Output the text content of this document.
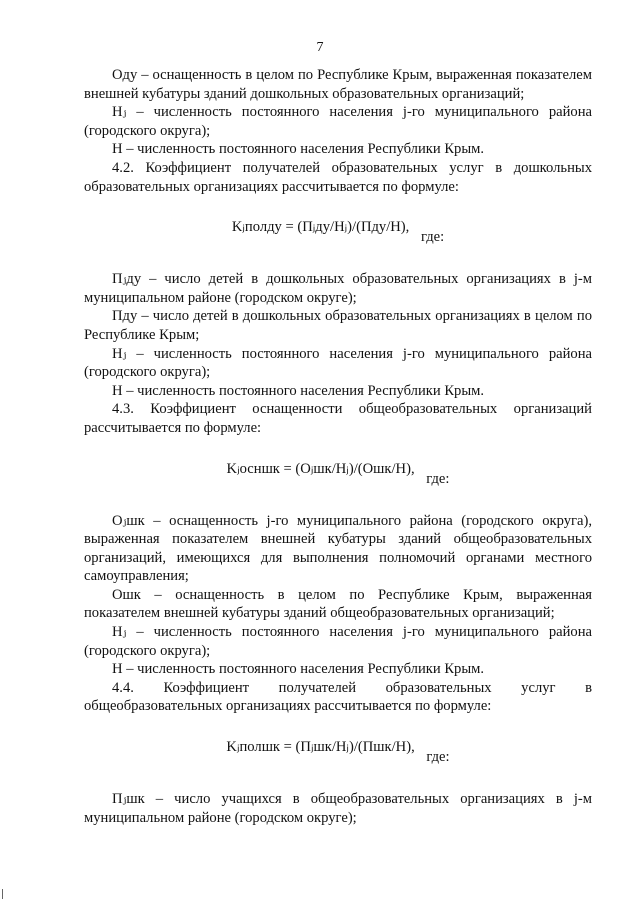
7

Oду – оснащенность в целом по Республике Крым, выраженная показателем внешней кубатуры зданий дошкольных образовательных организаций;

Hⱼ – численность постоянного населения j-го муниципального района (городского округа);

H – численность постоянного населения Республики Крым.

4.2. Коэффициент получателей образовательных услуг в дошкольных образовательных организациях рассчитывается по формуле:

Kⱼполду = (Пⱼду/Hⱼ)/(Пду/H), где:

Пⱼду – число детей в дошкольных образовательных организациях в j-м муниципальном районе (городском округе);

Пду – число детей в дошкольных образовательных организациях в целом по Республике Крым;

Hⱼ – численность постоянного населения j-го муниципального района (городского округа);

H – численность постоянного населения Республики Крым.

4.3. Коэффициент оснащенности общеобразовательных организаций рассчитывается по формуле:

Kⱼосншк = (Oⱼшк/Hⱼ)/(Oшк/H), где:

Oⱼшк – оснащенность j-го муниципального района (городского округа), выраженная показателем внешней кубатуры зданий общеобразовательных организаций, имеющихся для выполнения полномочий органами местного самоуправления;

Oшк – оснащенность в целом по Республике Крым, выраженная показателем внешней кубатуры зданий общеобразовательных организаций;

Hⱼ – численность постоянного населения j-го муниципального района (городского округа);

H – численность постоянного населения Республики Крым.

4.4. Коэффициент получателей образовательных услуг в общеобразовательных организациях рассчитывается по формуле:

Kⱼполшк = (Пⱼшк/Hⱼ)/(Пшк/H), где:

Пⱼшк – число учащихся в общеобразовательных организациях в j-м муниципальном районе (городском округе);
